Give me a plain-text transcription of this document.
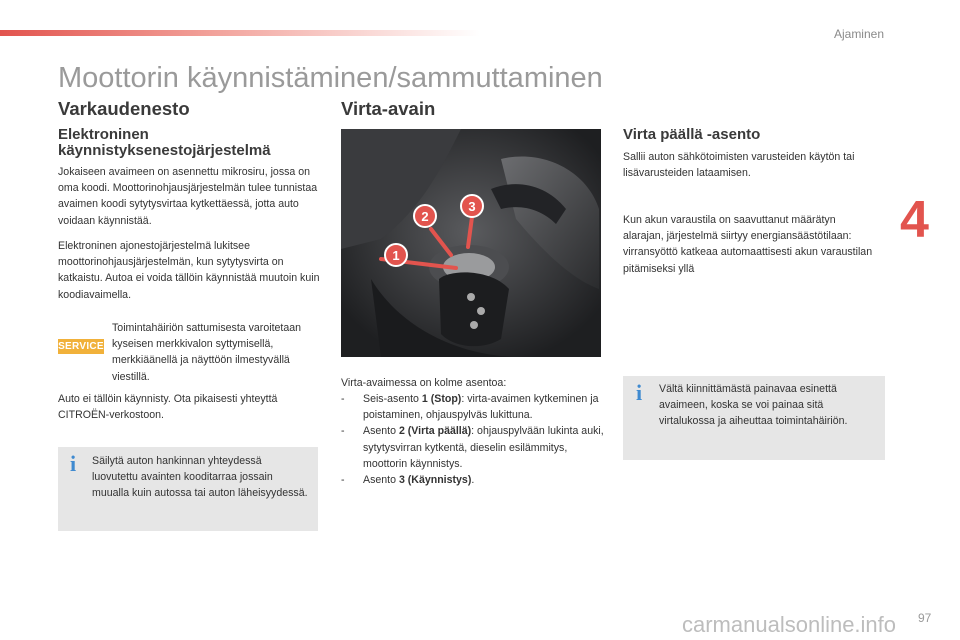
Ajaminen
4
Moottorin käynnistäminen/sammuttaminen
Varkaudenesto
Elektroninen käynnistyksenestojärjestelmä
Jokaiseen avaimeen on asennettu mikrosiru, jossa on oma koodi. Moottorinohjausjärjestelmän tulee tunnistaa avaimen koodi sytytysvirtaa kytkettäessä, jotta auto voidaan käynnistää.
Elektroninen ajonestojärjestelmä lukitsee moottorinohjausjärjestelmän, kun sytytysvirta on katkaistu. Autoa ei voida tällöin käynnistää muutoin kuin koodiavaimella.
SERVICE
Toimintahäiriön sattumisesta varoitetaan kyseisen merkkivalon syttymisellä, merkkiäänellä ja näyttöön ilmestyvällä viestillä.
Auto ei tällöin käynnisty. Ota pikaisesti yhteyttä CITROËN-verkostoon.
i Säilytä auton hankinnan yhteydessä luovutettu avainten kooditarraa jossain muualla kuin autossa tai auton läheisyydessä.
Virta-avain
1
2
3
Virta-avaimessa on kolme asentoa:
- Seis-asento 1 (Stop): virta-avaimen kytkeminen ja poistaminen, ohjauspylväs lukittuna.
- Asento 2 (Virta päällä): ohjauspylvään lukinta auki, sytytysvirran kytkentä, dieselin esilämmitys, moottorin käynnistys.
- Asento 3 (Käynnistys).
Virta päällä -asento
Sallii auton sähkötoimisten varusteiden käytön tai lisävarusteiden lataamisen.
Kun akun varaustila on saavuttanut määrätyn alarajan, järjestelmä siirtyy energiansäästötilaan: virransyöttö katkeaa automaattisesti akun varaustilan pitämiseksi yllä
i Vältä kiinnittämästä painavaa esinettä avaimeen, koska se voi painaa sitä virtalukossa ja aiheuttaa toimintahäiriön.
carmanualsonline.info 97
